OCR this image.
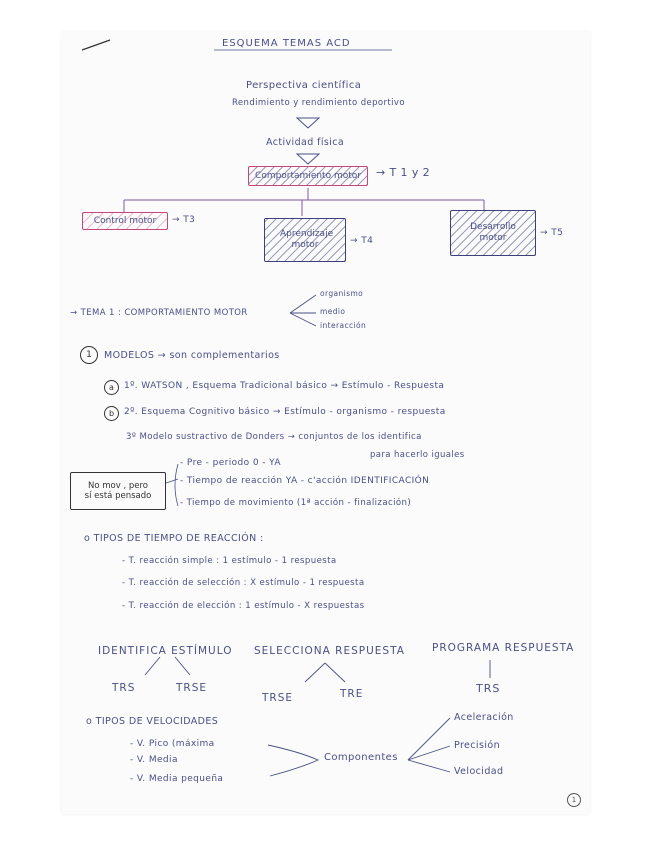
ESQUEMA TEMAS ACD
Perspectiva científica
Rendimiento y rendimiento deportivo
Actividad física
Comportamiento motor → T 1 y 2
Control motor → T3
Aprendizaje motor	→ T4
Desarrollo motor	→ T5
→ TEMA 1 : COMPORTAMIENTO MOTOR
organismo
medio
interacción
1 MODELOS → son complementarios
a 1º. WATSON , Esquema Tradicional básico → Estímulo - Respuesta
b 2º. Esquema Cognitivo básico → Estímulo - organismo - respuesta
3º Modelo sustractivo de Donders → conjuntos de los identifica
para hacerlo iguales
- Pre - periodo 0 - YA
- Tiempo de reacción YA - c'acción IDENTIFICACIÓN
- Tiempo de movimiento (1ª acción - finalización)
No mov , pero
sí está pensado
o TIPOS DE TIEMPO DE REACCIÓN :
- T. reacción simple : 1 estímulo - 1 respuesta
- T. reacción de selección : X estímulo - 1 respuesta
- T. reacción de elección : 1 estímulo - X respuestas
IDENTIFICA ESTÍMULO SELECCIONA RESPUESTA	PROGRAMA RESPUESTA
TRS	TRSE
TRSE	TRE	TRS
o TIPOS DE VELOCIDADES
- V. Pico (máxima
- V. Media
- V. Media pequeña
Componentes
Aceleración
Precisión
Velocidad
1
